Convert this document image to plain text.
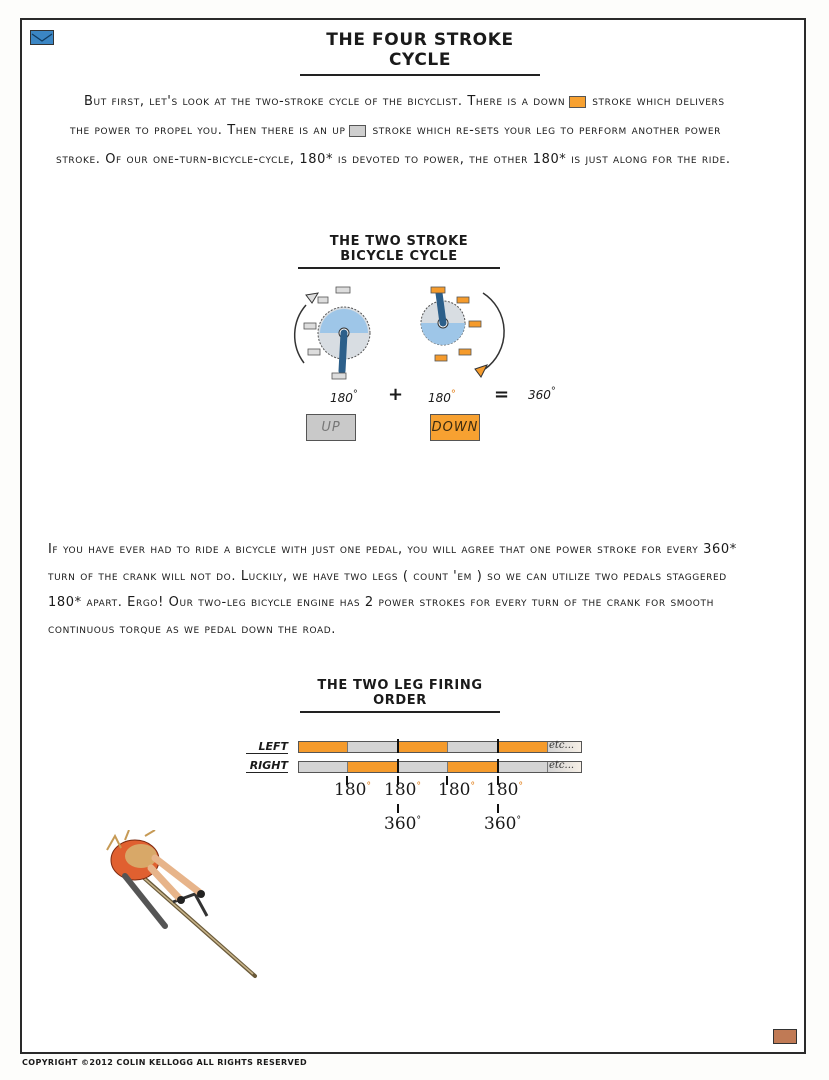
THE FOUR STROKE CYCLE
But first, let's look at the two-stroke cycle of the bicyclist. There is a down stroke which delivers
the power to propel you. Then there is an up stroke which re-sets your leg to perform another power
stroke. Of our one-turn-bicycle-cycle, 180* is devoted to power, the other 180* is just along for the ride.
THE TWO STROKE BICYCLE CYCLE
180° + 180° = 360°
UP	DOWN
If you have ever had to ride a bicycle with just one pedal, you will agree that one power stroke for every 360*
turn of the crank will not do. Luckily, we have two legs ( count 'em ) so we can utilize two pedals staggered
180* apart. Ergo! Our two-leg bicycle engine has 2 power strokes for every turn of the crank for smooth
continuous torque as we pedal down the road.
THE TWO LEG FIRING ORDER
LEFT
RIGHT
etc...
etc...
180° 180° 180° 180°
360°	360°
COPYRIGHT ©2012 COLIN KELLOGG ALL RIGHTS RESERVED
